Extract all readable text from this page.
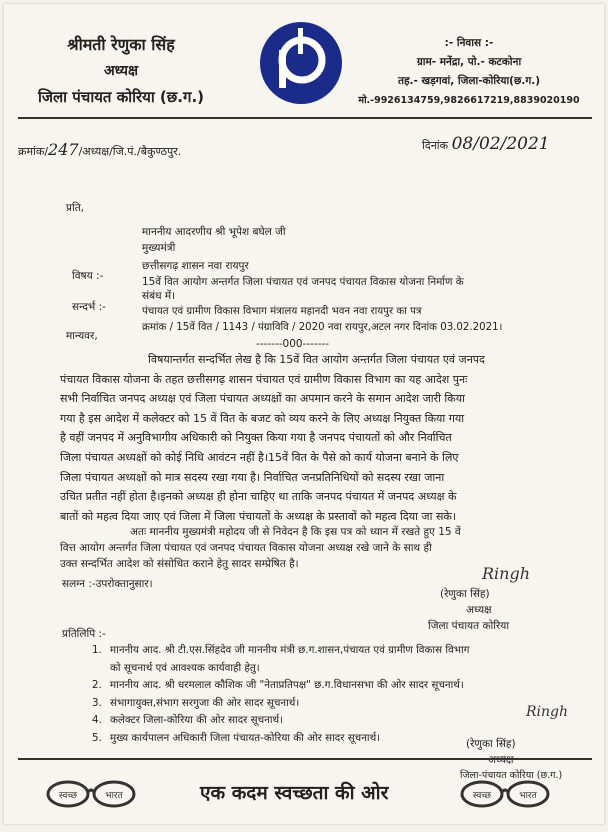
श्रीमती रेणुका सिंह
अध्यक्ष
जिला पंचायत कोरिया (छ.ग.)
:- निवास :-
ग्राम- मनेंद्रा, पो.- कटकोना
तह.- खड़गवां, जिला-कोरिया(छ.ग.)
मो.-9926134759,9826617219,8839020190
क्रमांक/247/अध्यक्ष/जि.पं./बैकुण्ठपुर.	दिनांक 08/02/2021
प्रति,
माननीय आदरणीय श्री भूपेश बघेल जी
मुख्यमंत्री
छत्तीसगढ़ शासन नवा रायपुर
विषय :-	15वें वित आयोग अन्तर्गत जिला पंचायत एवं जनपद पंचायत विकास योजना निर्माण के
संबंध में।
सन्दर्भ :-	पंचायत एवं ग्रामीण विकास विभाग मंत्रालय महानदी भवन नवा रायपुर का पत्र
क्रमांक / 15वें वित / 1143 / पंग्राविवि / 2020 नवा रायपुर,अटल नगर दिनांक 03.02.2021।
मान्यवर,
-------000-------
विषयान्तर्गत सन्दर्भित लेख है कि 15वें वित आयोग अन्तर्गत जिला पंचायत एवं जनपद
पंचायत विकास योजना के तहत छत्तीसगढ़ शासन पंचायत एवं ग्रामीण विकास विभाग का यह आदेश पुनः
सभी निर्वाचित जनपद अध्यक्ष एवं जिला पंचायत अध्यक्षों का अपमान करने के समान आदेश जारी किया
गया है इस आदेश में कलेक्टर को 15 वें वित के बजट को व्यय करने के लिए अध्यक्ष नियुक्त किया गया
है वहीं जनपद में अनुविभागीय अधिकारी को नियुक्त किया गया है जनपद पंचायतों को और निर्वाचित
जिला पंचायत अध्यक्षों को कोई निधि आवंटन नहीं है।15वें वित के पैसे को कार्य योजना बनाने के लिए
जिला पंचायत अध्यक्षों को मात्र सदस्य रखा गया है। निर्वाचित जनप्रतिनिधियों को सदस्य रखा जाना
उचित प्रतीत नहीं होता है।इनको अध्यक्ष ही होना चाहिए था ताकि जनपद पंचायत में जनपद अध्यक्ष के
बातों को महत्व दिया जाए एवं जिला में जिला पंचायतों के अध्यक्ष के प्रस्तावों को महत्व दिया जा सके।
अतः माननीय मुख्यमंत्री महोदय जी से निवेदन है कि इस पत्र को ध्यान में रखते हुए 15 वें
वित्त आयोग अन्तर्गत जिला पंचायत एवं जनपद पंचायत विकास योजना अध्यक्ष रखे जाने के साथ ही
उक्त सन्दर्भित आदेश को संसोधित कराने हेतु सादर सम्प्रेषित है।
सलग्न :-उपरोक्तानुसार।
Ringh
(रेणुका सिंह)
अध्यक्ष
जिला पंचायत कोरिया
प्रतिलिपि :-
1. माननीय आद. श्री टी.एस.सिंहदेव जी माननीय मंत्री छ.ग.शासन,पंचायत एवं ग्रामीण विकास विभाग
को सूचनार्थ एवं आवश्यक कार्यवाही हेतु।
2. माननीय आद. श्री धरमलाल कौशिक जी "नेताप्रतिपक्ष" छ.ग.विधानसभा की ओर सादर सूचनार्थ।
3. संभागायुक्त,संभाग सरगुजा की ओर सादर सूचनार्थ।
4. कलेक्टर जिला-कोरिया की ओर सादर सूचनार्थ।
5. मुख्य कार्यपालन अधिकारी जिला पंचायत-कोरिया की ओर सादर सूचनार्थ।
Ringh
(रेणुका सिंह)
अध्यक्ष
जिला-पंचायत कोरिया (छ.ग.)
स्वच्छ	भारत	एक कदम स्वच्छता की ओर	स्वच्छ	भारत
